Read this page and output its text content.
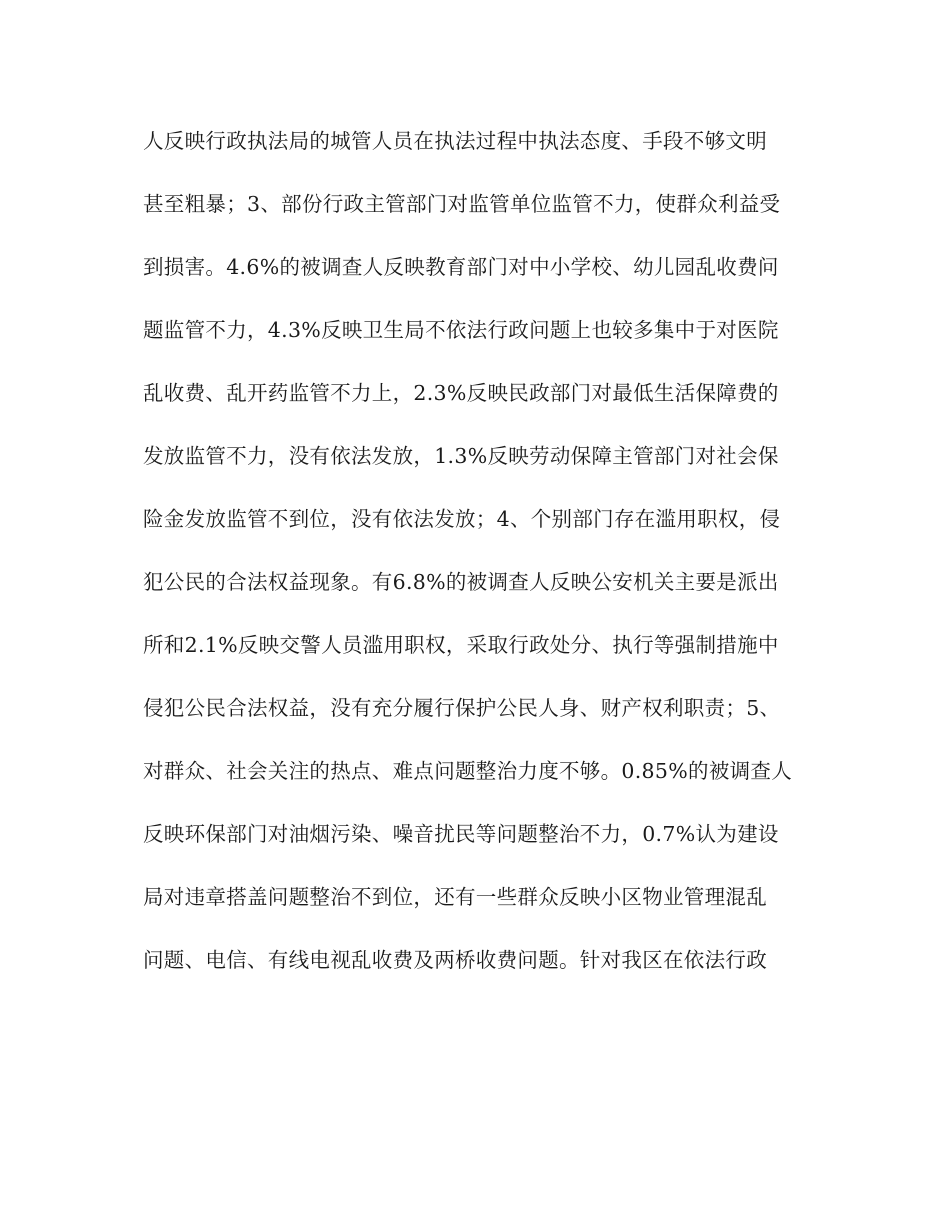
人反映行政执法局的城管人员在执法过程中执法态度、手段不够文明
甚至粗暴；3、部份行政主管部门对监管单位监管不力，使群众利益受
到损害。4.6%的被调查人反映教育部门对中小学校、幼儿园乱收费问
题监管不力，4.3%反映卫生局不依法行政问题上也较多集中于对医院
乱收费、乱开药监管不力上，2.3%反映民政部门对最低生活保障费的
发放监管不力，没有依法发放，1.3%反映劳动保障主管部门对社会保
险金发放监管不到位，没有依法发放；4、个别部门存在滥用职权，侵
犯公民的合法权益现象。有6.8%的被调查人反映公安机关主要是派出
所和2.1%反映交警人员滥用职权，采取行政处分、执行等强制措施中
侵犯公民合法权益，没有充分履行保护公民人身、财产权利职责；5、
对群众、社会关注的热点、难点问题整治力度不够。0.85%的被调查人
反映环保部门对油烟污染、噪音扰民等问题整治不力，0.7%认为建设
局对违章搭盖问题整治不到位，还有一些群众反映小区物业管理混乱
问题、电信、有线电视乱收费及两桥收费问题。针对我区在依法行政
